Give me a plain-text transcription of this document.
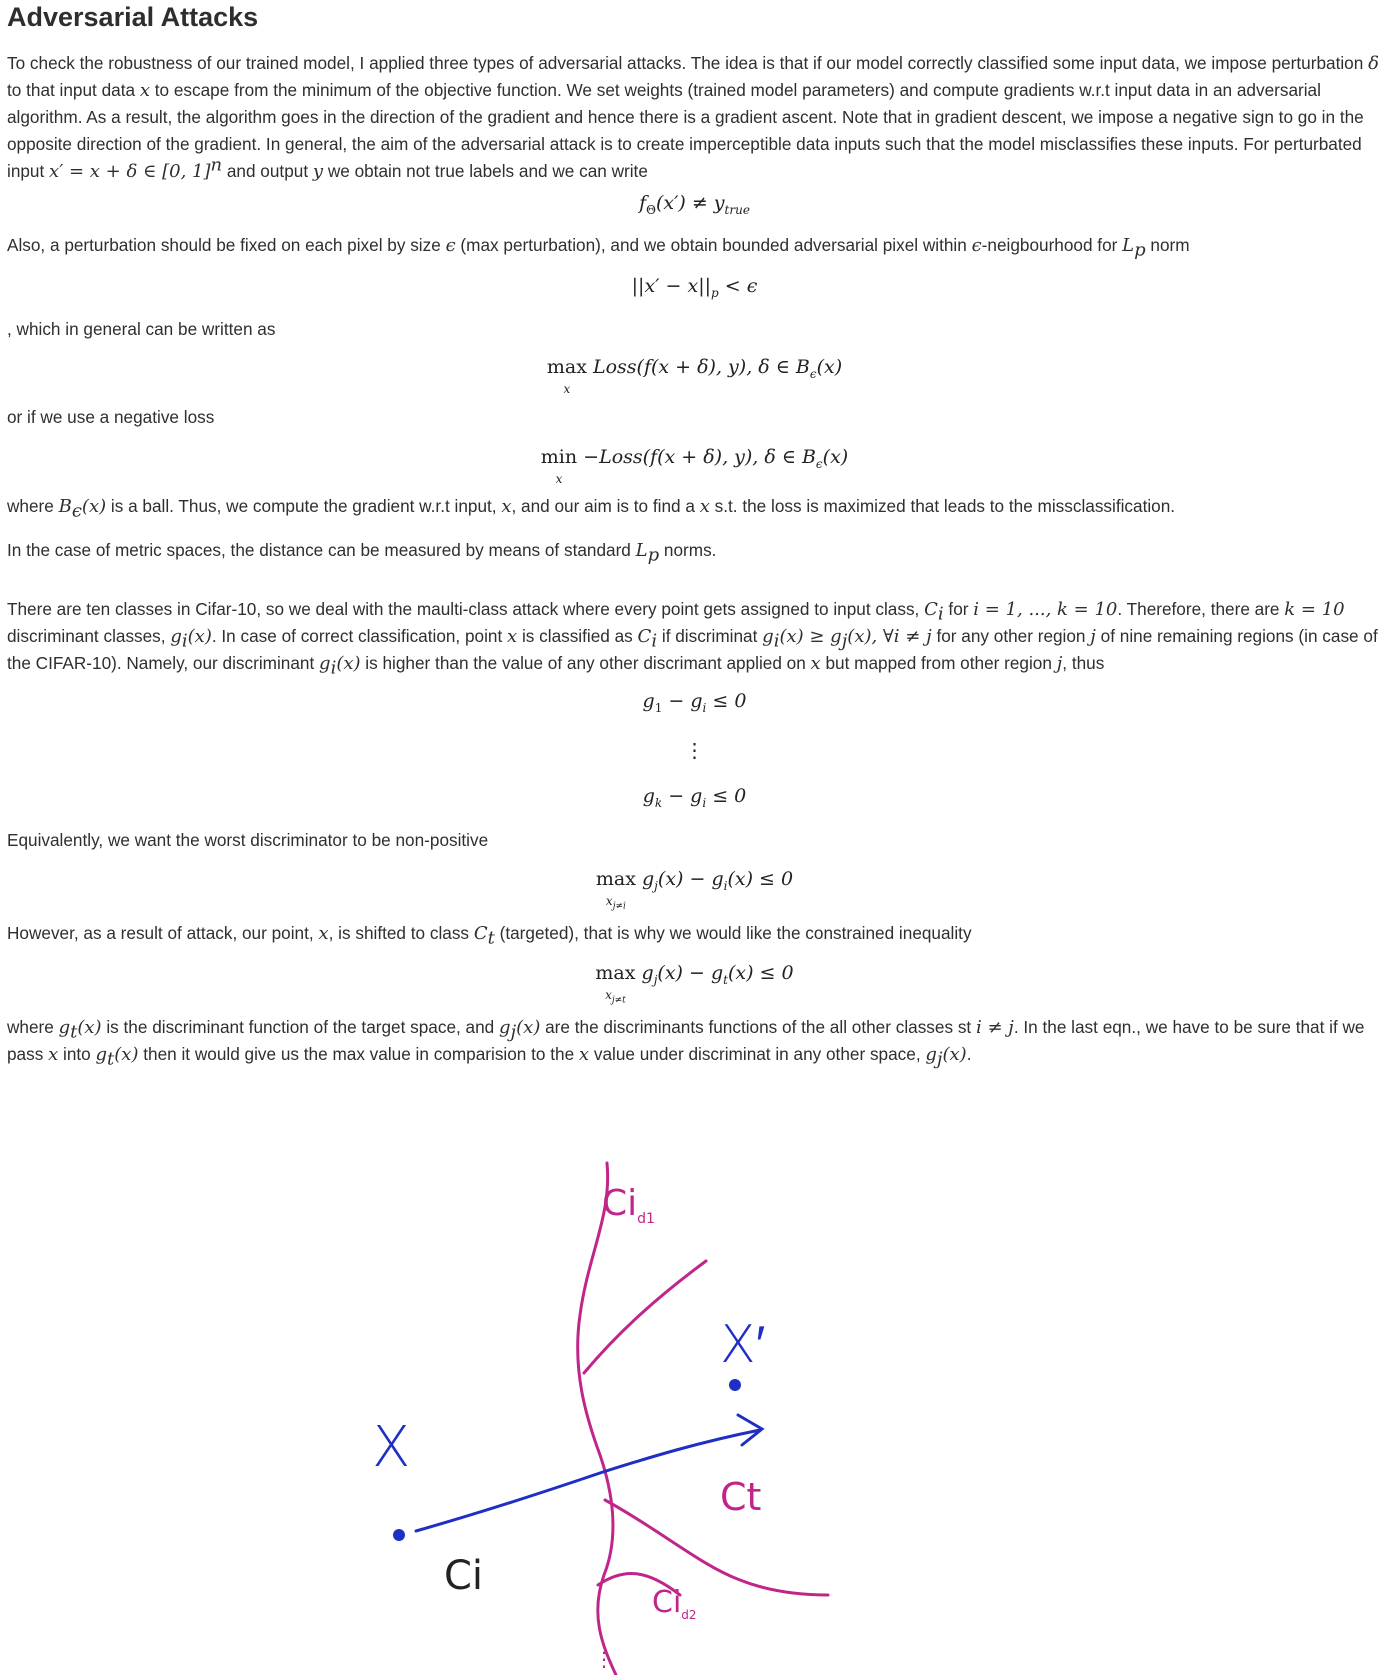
Adversarial Attacks
To check the robustness of our trained model, I applied three types of adversarial attacks. The idea is that if our model correctly classified some input data, we impose perturbation δ to that input data x to escape from the minimum of the objective function. We set weights (trained model parameters) and compute gradients w.r.t input data in an adversarial algorithm. As a result, the algorithm goes in the direction of the gradient and hence there is a gradient ascent. Note that in gradient descent, we impose a negative sign to go in the opposite direction of the gradient. In general, the aim of the adversarial attack is to create imperceptible data inputs such that the model misclassifies these inputs. For perturbated input x′ = x + δ ∈ [0, 1]$^n$ and output y we obtain not true labels and we can write
$f_\Theta(x') \ne y_{true}$
Also, a perturbation should be fixed on each pixel by size ϵ (max perturbation), and we obtain bounded adversarial pixel within ϵ-neigbourhood for $L_p$ norm
$||x' - x||_p < \epsilon$
, which in general can be written as
max
x
Loss(f(x + δ), y), δ ∈ $B_\epsilon(x)$
or if we use a negative loss
min
x
−Loss(f(x + δ), y), δ ∈ $B_\epsilon(x)$
where $B_\epsilon(x)$ is a ball. Thus, we compute the gradient w.r.t input, x, and our aim is to find a x s.t. the loss is maximized that leads to the missclassification.
In the case of metric spaces, the distance can be measured by means of standard $L_p$ norms.
There are ten classes in Cifar-10, so we deal with the maulti-class attack where every point gets assigned to input class, $C_i$ for i = 1, ..., k = 10. Therefore, there are k = 10 discriminant classes, $g_i(x)$. In case of correct classification, point x is classified as $C_i$ if discriminat $g_i(x) \ge g_j(x)$, ∀i ≠ j for any other region j of nine remaining regions (in case of the CIFAR-10). Namely, our discriminant $g_i(x)$ is higher than the value of any other discrimant applied on x but mapped from other region j, thus
$g_1 - g_i \le 0$
⋮
$g_k - g_i \le 0$
Equivalently, we want the worst discriminator to be non-positive
max
$x_{j\ne i}$
$g_j(x) - g_i(x) \le 0$
However, as a result of attack, our point, x, is shifted to class $C_t$ (targeted), that is why we would like the constrained inequality
max
$x_{j\ne t}$
$g_j(x) - g_t(x) \le 0$
where $g_t(x)$ is the discriminant function of the target space, and $g_j(x)$ are the discriminants functions of the all other classes st i ≠ j. In the last eqn., we have to be sure that if we pass x into $g_t(x)$ then it would give us the max value in comparision to the x value under discriminat in any other space, $g_j(x)$.
X
X′
Ci
Ct
$Ci_{d1}$
$Ci_{d2}$
⋮
